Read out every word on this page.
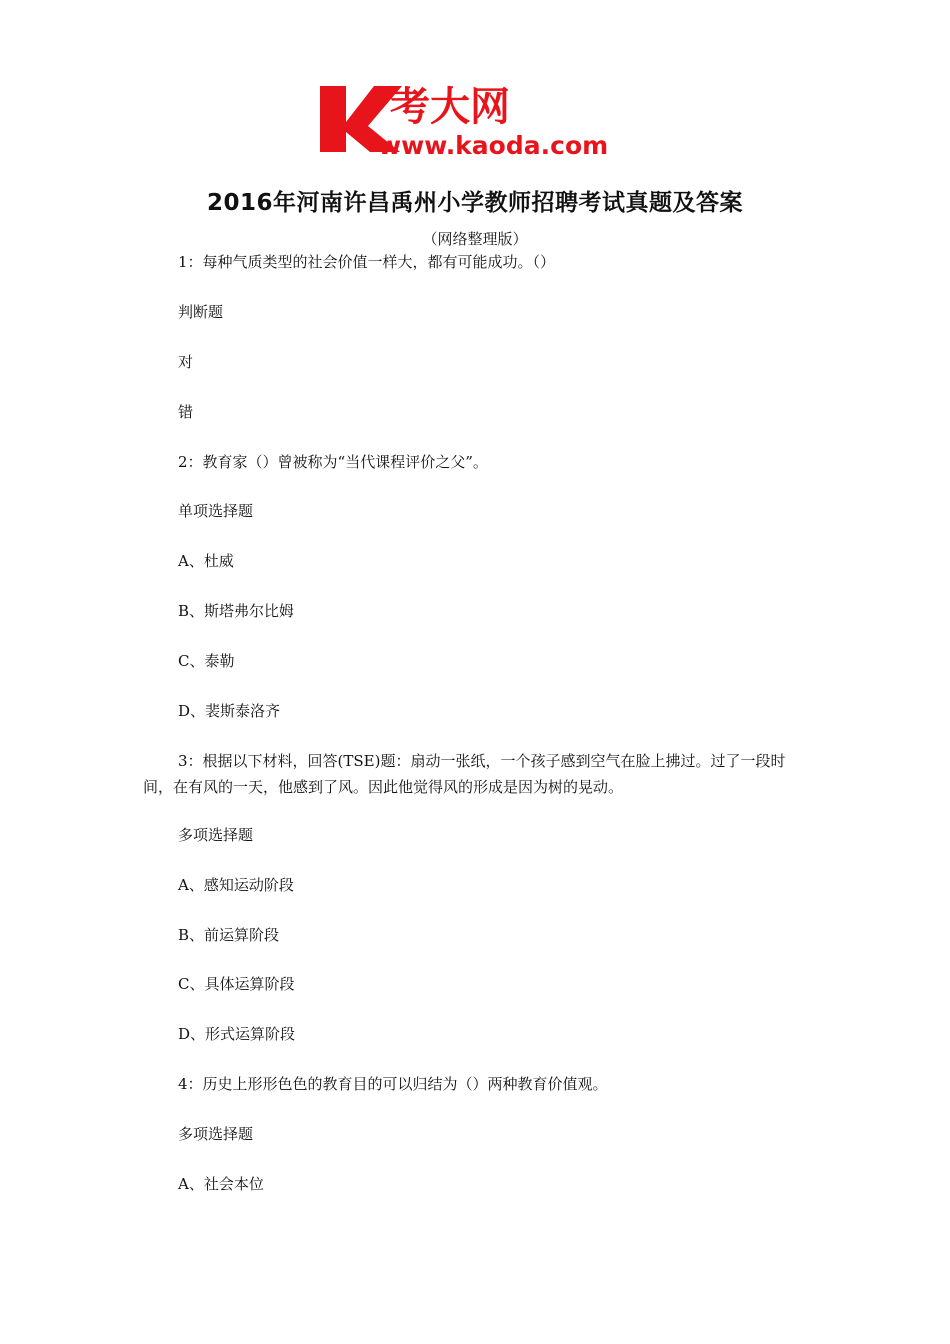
考大网
www.kaoda.com
2016年河南许昌禹州小学教师招聘考试真题及答案
（网络整理版）
1：每种气质类型的社会价值一样大，都有可能成功。（）
判断题
对
错
2：教育家（）曾被称为“当代课程评价之父”。
单项选择题
A、杜威
B、斯塔弗尔比姆
C、泰勒
D、裴斯泰洛齐

3：根据以下材料，回答(TSE)题：扇动一张纸，一个孩子感到空气在脸上拂过。过了一段时间，在有风的一天，他感到了风。因此他觉得风的形成是因为树的晃动。

多项选择题
A、感知运动阶段
B、前运算阶段
C、具体运算阶段
D、形式运算阶段
4：历史上形形色色的教育目的可以归结为（）两种教育价值观。
多项选择题
A、社会本位
